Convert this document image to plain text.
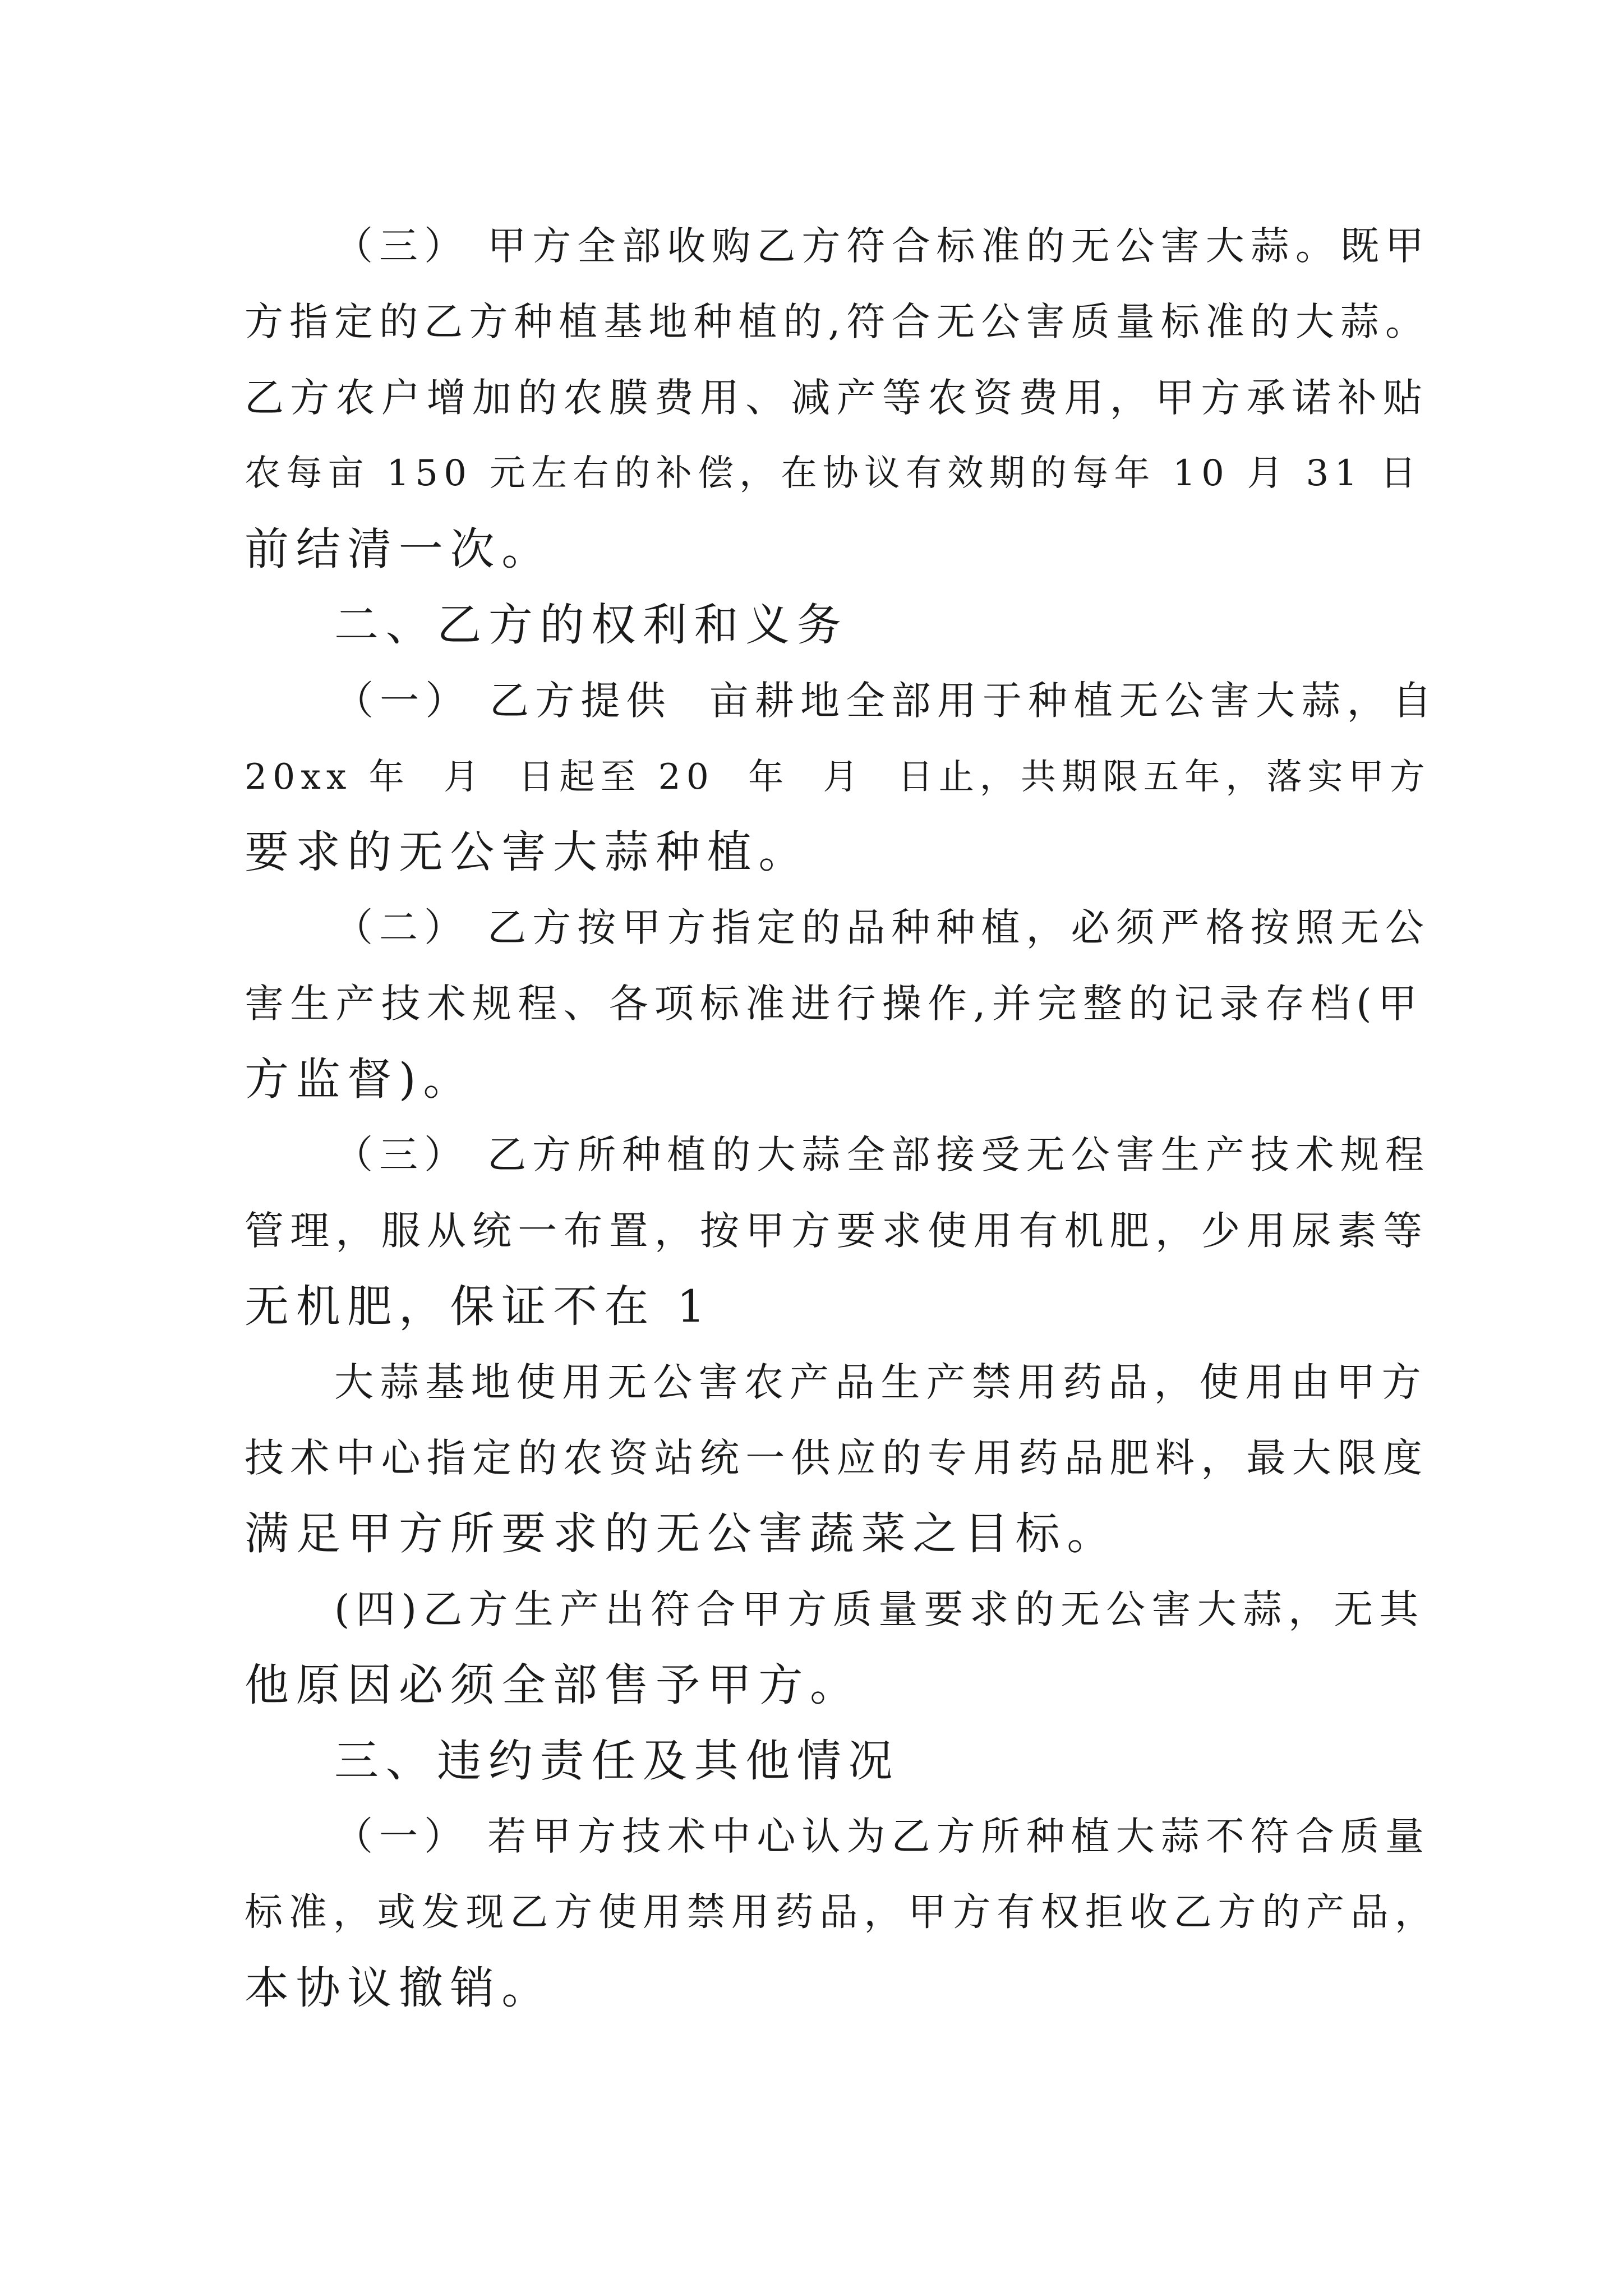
（三） 甲方全部收购乙方符合标准的无公害大蒜。既甲
方指定的乙方种植基地种植的,符合无公害质量标准的大蒜。
乙方农户增加的农膜费用、减产等农资费用，甲方承诺补贴
农每亩 150 元左右的补偿，在协议有效期的每年 10 月 31 日
前结清一次。
二、乙方的权利和义务
（一） 乙方提供  亩耕地全部用于种植无公害大蒜，自
20xx 年  月  日起至 20  年  月  日止，共期限五年，落实甲方
要求的无公害大蒜种植。
（二） 乙方按甲方指定的品种种植，必须严格按照无公
害生产技术规程、各项标准进行操作,并完整的记录存档(甲
方监督)。
（三） 乙方所种植的大蒜全部接受无公害生产技术规程
管理，服从统一布置，按甲方要求使用有机肥，少用尿素等
无机肥，保证不在 1
大蒜基地使用无公害农产品生产禁用药品，使用由甲方
技术中心指定的农资站统一供应的专用药品肥料，最大限度
满足甲方所要求的无公害蔬菜之目标。
(四)乙方生产出符合甲方质量要求的无公害大蒜，无其
他原因必须全部售予甲方。
三、违约责任及其他情况
（一） 若甲方技术中心认为乙方所种植大蒜不符合质量
标准，或发现乙方使用禁用药品，甲方有权拒收乙方的产品，
本协议撤销。
